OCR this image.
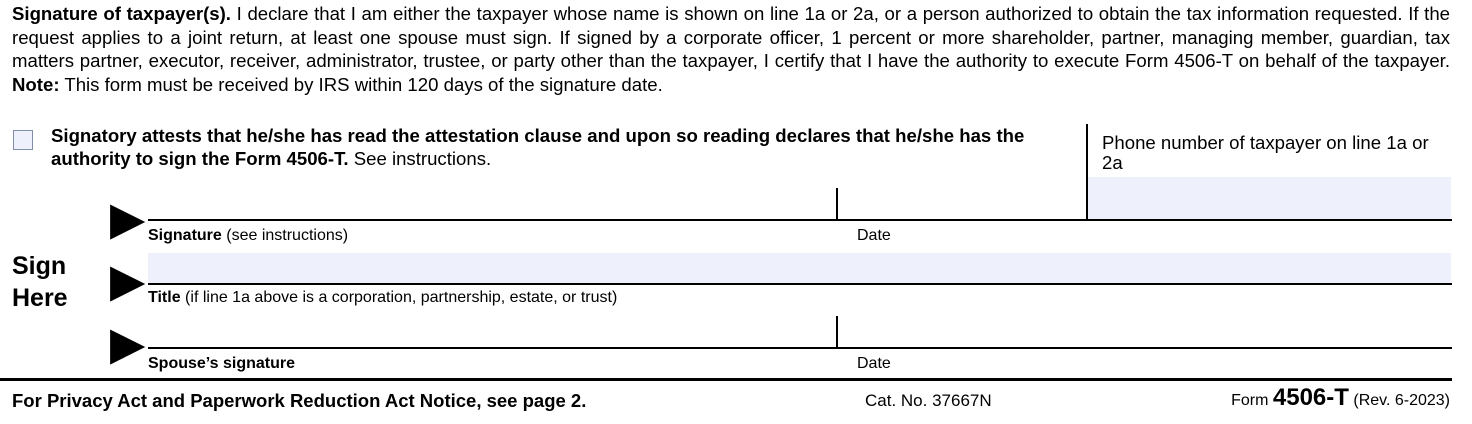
Signature of taxpayer(s). I declare that I am either the taxpayer whose name is shown on line 1a or 2a, or a person authorized to obtain the tax information requested. If the request applies to a joint return, at least one spouse must sign. If signed by a corporate officer, 1 percent or more shareholder, partner, managing member, guardian, tax matters partner, executor, receiver, administrator, trustee, or party other than the taxpayer, I certify that I have the authority to execute Form 4506-T on behalf of the taxpayer. Note: This form must be received by IRS within 120 days of the signature date.
Signatory attests that he/she has read the attestation clause and upon so reading declares that he/she has the authority to sign the Form 4506-T. See instructions.
Phone number of taxpayer on line 1a or 2a
Sign
Here
▶
▶
▶
Signature (see instructions)	Date
Title (if line 1a above is a corporation, partnership, estate, or trust)
Spouse’s signature	Date
For Privacy Act and Paperwork Reduction Act Notice, see page 2.	Cat. No. 37667N	Form 4506-T (Rev. 6-2023)
